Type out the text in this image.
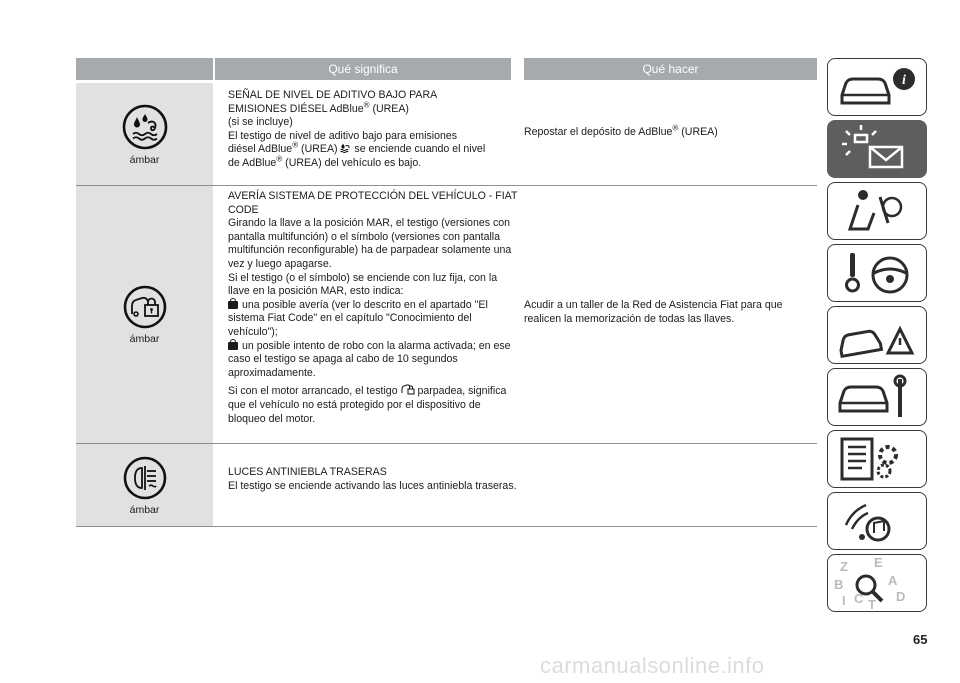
Qué significa	Qué hacer
ámbar

SEÑAL DE NIVEL DE ADITIVO BAJO PARA

EMISIONES DIÉSEL AdBlue® (UREA)

(si se incluye)

El testigo de nivel de aditivo bajo para emisiones

diésel AdBlue® (UREA)  se enciende cuando el nivel

de AdBlue® (UREA) del vehículo es bajo.

Repostar el depósito de AdBlue® (UREA)

ámbar

AVERÍA SISTEMA DE PROTECCIÓN DEL VEHÍCULO - FIAT CODE

Girando la llave a la posición MAR, el testigo (versiones con pantalla multifunción) o el símbolo (versiones con pantalla multifunción reconfigurable) ha de parpadear solamente una vez y luego apagarse.

Si el testigo (o el símbolo) se enciende con luz fija, con la llave en la posición MAR, esto indica:

una posible avería (ver lo descrito en el apartado "El sistema Fiat Code" en el capítulo "Conocimiento del vehículo");

un posible intento de robo con la alarma activada; en ese caso el testigo se apaga al cabo de 10 segundos aproximadamente.

Si con el motor arrancado, el testigo  parpadea, significa que el vehículo no está protegido por el dispositivo de bloqueo del motor.

Acudir a un taller de la Red de Asistencia Fiat para que realicen la memorización de todas las llaves.
ámbar

LUCES ANTINIEBLA TRASERAS

El testigo se enciende activando las luces antiniebla traseras.

i
Z E
B	A
I C T
D
65
carmanualsonline.info
